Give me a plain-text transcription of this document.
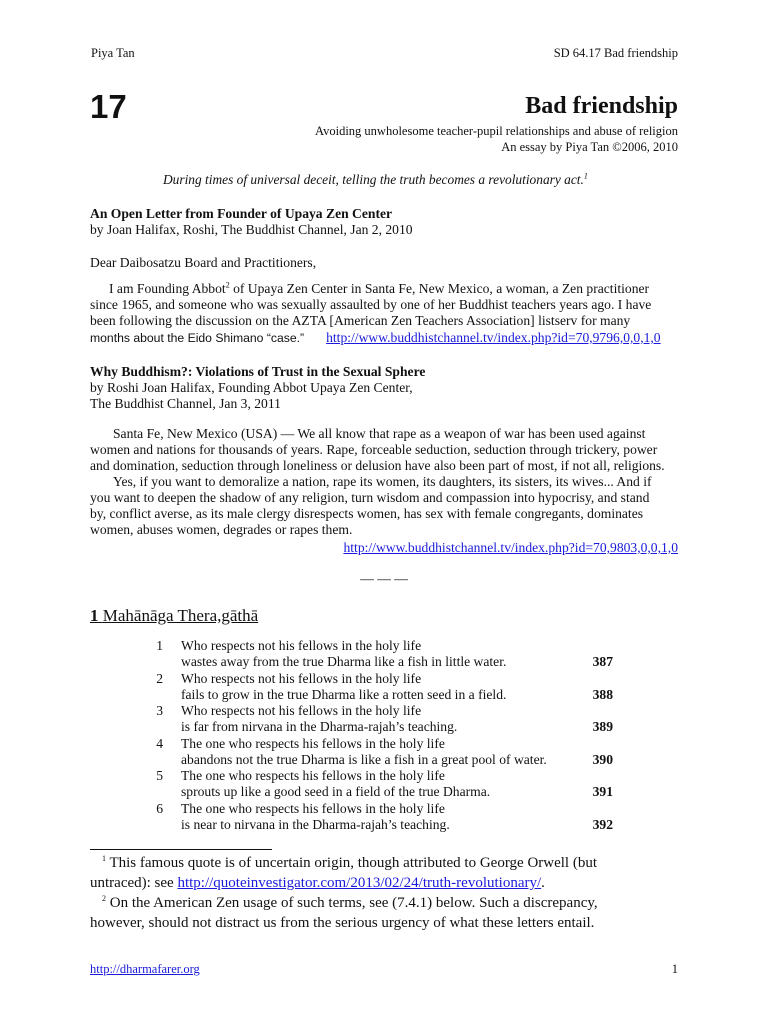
Piya Tan	SD 64.17 Bad friendship
17	Bad friendship
Avoiding unwholesome teacher-pupil relationships and abuse of religion
An essay by Piya Tan ©2006, 2010
During times of universal deceit, telling the truth becomes a revolutionary act.$^1$
An Open Letter from Founder of Upaya Zen Center
by Joan Halifax, Roshi, The Buddhist Channel, Jan 2, 2010
Dear Daibosatzu Board and Practitioners,
I am Founding Abbot$^2$ of Upaya Zen Center in Santa Fe, New Mexico, a woman, a Zen practitioner
since 1965, and someone who was sexually assaulted by one of her Buddhist teachers years ago. I have
been following the discussion on the AZTA [American Zen Teachers Association] listserv for many
months about the Eido Shimano “case.” http://www.buddhistchannel.tv/index.php?id=70,9796,0,0,1,0
Why Buddhism?: Violations of Trust in the Sexual Sphere
by Roshi Joan Halifax, Founding Abbot Upaya Zen Center,
The Buddhist Channel, Jan 3, 2011
Santa Fe, New Mexico (USA) — We all know that rape as a weapon of war has been used against
women and nations for thousands of years. Rape, forceable seduction, seduction through trickery, power
and domination, seduction through loneliness or delusion have also been part of most, if not all, religions.
Yes, if you want to demoralize a nation, rape its women, its daughters, its sisters, its wives... And if
you want to deepen the shadow of any religion, turn wisdom and compassion into hypocrisy, and stand
by, conflict averse, as its male clergy disrespects women, has sex with female congregants, dominates
women, abuses women, degrades or rapes them.
http://www.buddhistchannel.tv/index.php?id=70,9803,0,0,1,0
— — —
1 Mahānāga Thera,gāthā
1 Who respects not his fellows in the holy life
wastes away from the true Dharma like a fish in little water.	387
2 Who respects not his fellows in the holy life
fails to grow in the true Dharma like a rotten seed in a field.	388
3 Who respects not his fellows in the holy life
is far from nirvana in the Dharma-rajah’s teaching.	389
4 The one who respects his fellows in the holy life
abandons not the true Dharma is like a fish in a great pool of water.	390
5 The one who respects his fellows in the holy life
sprouts up like a good seed in a field of the true Dharma.	391
6 The one who respects his fellows in the holy life
is near to nirvana in the Dharma-rajah’s teaching.	392
$^1$ This famous quote is of uncertain origin, though attributed to George Orwell (but
untraced): see http://quoteinvestigator.com/2013/02/24/truth-revolutionary/.
$^2$ On the American Zen usage of such terms, see (7.4.1) below. Such a discrepancy,
however, should not distract us from the serious urgency of what these letters entail.
http://dharmafarer.org	1
